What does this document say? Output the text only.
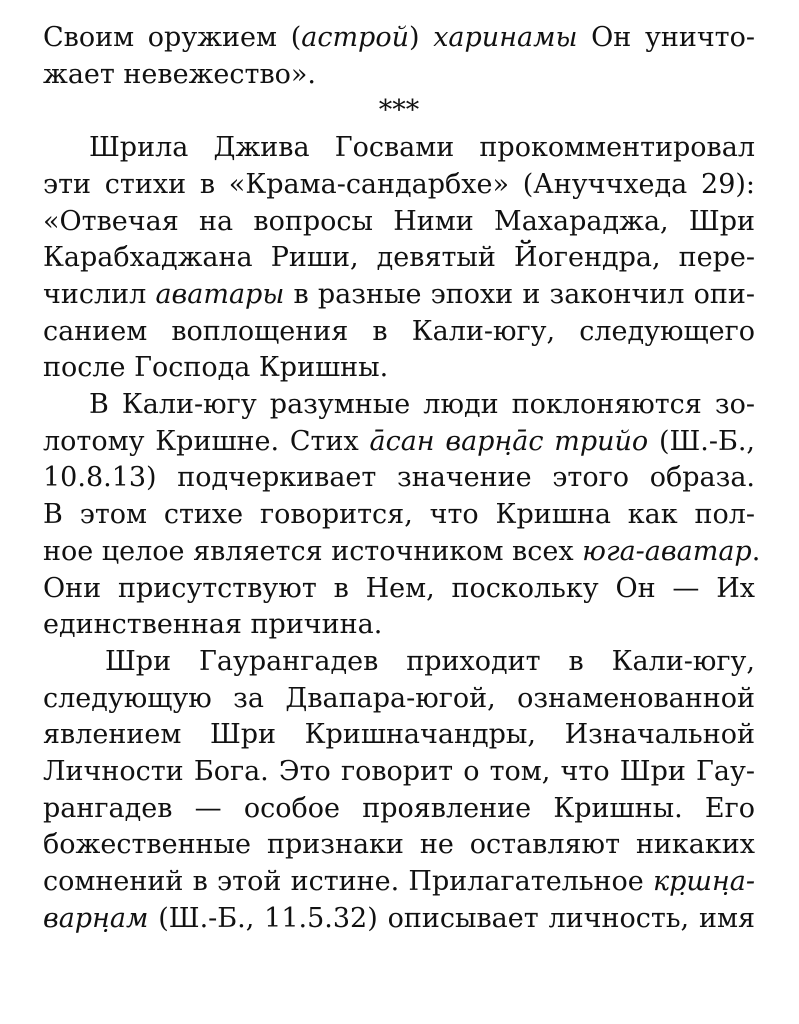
Своим оружием (астрой) харинамы Он уничто-
жает невежество».
***
Шрила Джива Госвами прокомментировал
эти стихи в «Крама-сандарбхе» (Ануччхеда 29):
«Отвечая на вопросы Ними Махараджа, Шри
Карабхаджана Риши, девятый Йогендра, пере-
числил аватары в разные эпохи и закончил опи-
санием воплощения в Кали-югу, следующего
после Господа Кришны.
В Кали-югу разумные люди поклоняются зо-
лотому Кришне. Стих а̄сан варн̣а̄с трийо (Ш.-Б.,
10.8.13) подчеркивает значение этого образа.
В этом стихе говорится, что Кришна как пол-
ное целое является источником всех юга-аватар.
Они присутствуют в Нем, поскольку Он — Их
единственная причина.
Шри Гаурангадев приходит в Кали-югу,
следующую за Двапара-югой, ознаменованной
явлением Шри Кришначандры, Изначальной
Личности Бога. Это говорит о том, что Шри Гау-
рангадев — особое проявление Кришны. Его
божественные признаки не оставляют никаких
сомнений в этой истине. Прилагательное кр̣шн̣а-
варн̣ам (Ш.-Б., 11.5.32) описывает личность, имя
